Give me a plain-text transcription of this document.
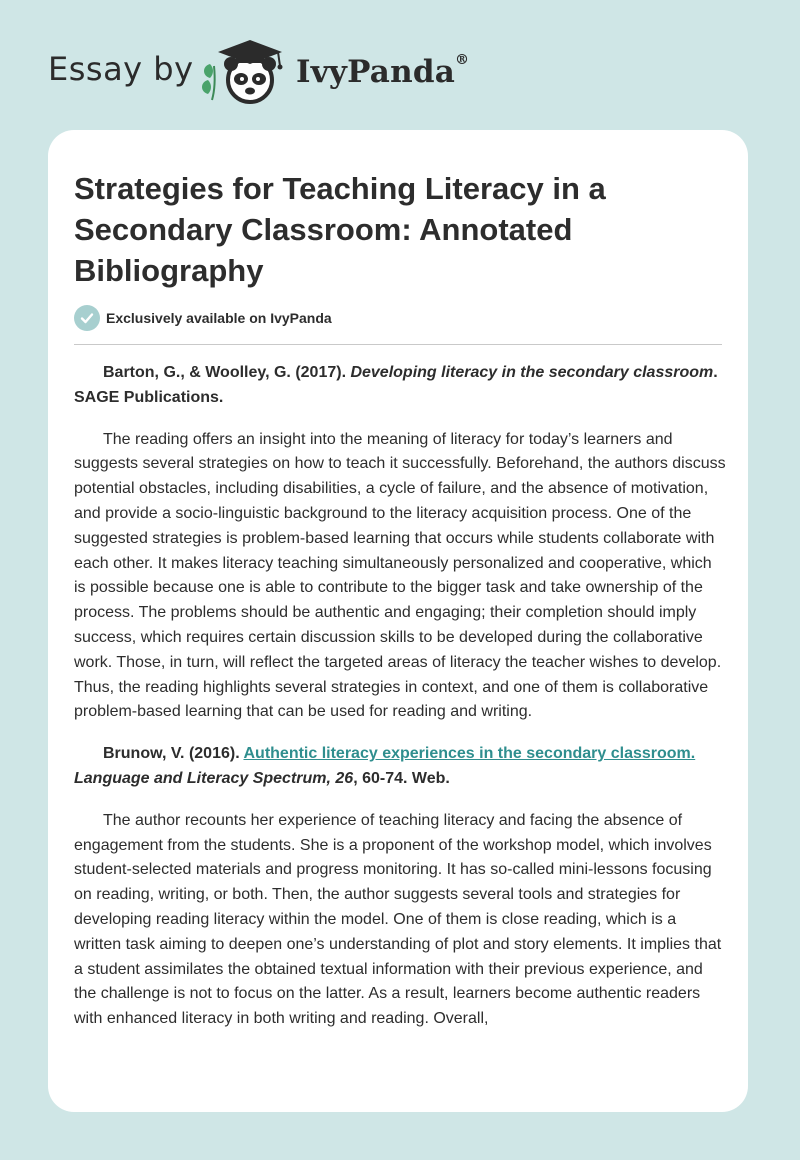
Essay by	IvyPanda®
Strategies for Teaching Literacy in a Secondary Classroom: Annotated Bibliography
Exclusively available on IvyPanda

Barton, G., & Woolley, G. (2017). Developing literacy in the secondary classroom. SAGE Publications.

The reading offers an insight into the meaning of literacy for today’s learners and suggests several strategies on how to teach it successfully. Beforehand, the authors discuss potential obstacles, including disabilities, a cycle of failure, and the absence of motivation, and provide a socio-linguistic background to the literacy acquisition process. One of the suggested strategies is problem-based learning that occurs while students collaborate with each other. It makes literacy teaching simultaneously personalized and cooperative, which is possible because one is able to contribute to the bigger task and take ownership of the process. The problems should be authentic and engaging; their completion should imply success, which requires certain discussion skills to be developed during the collaborative work. Those, in turn, will reflect the targeted areas of literacy the teacher wishes to develop. Thus, the reading highlights several strategies in context, and one of them is collaborative problem-based learning that can be used for reading and writing.

Brunow, V. (2016). Authentic literacy experiences in the secondary classroom. Language and Literacy Spectrum, 26, 60-74. Web.

The author recounts her experience of teaching literacy and facing the absence of engagement from the students. She is a proponent of the workshop model, which involves student-selected materials and progress monitoring. It has so-called mini-lessons focusing on reading, writing, or both. Then, the author suggests several tools and strategies for developing reading literacy within the model. One of them is close reading, which is a written task aiming to deepen one’s understanding of plot and story elements. It implies that a student assimilates the obtained textual information with their previous experience, and the challenge is not to focus on the latter. As a result, learners become authentic readers with enhanced literacy in both writing and reading. Overall,
